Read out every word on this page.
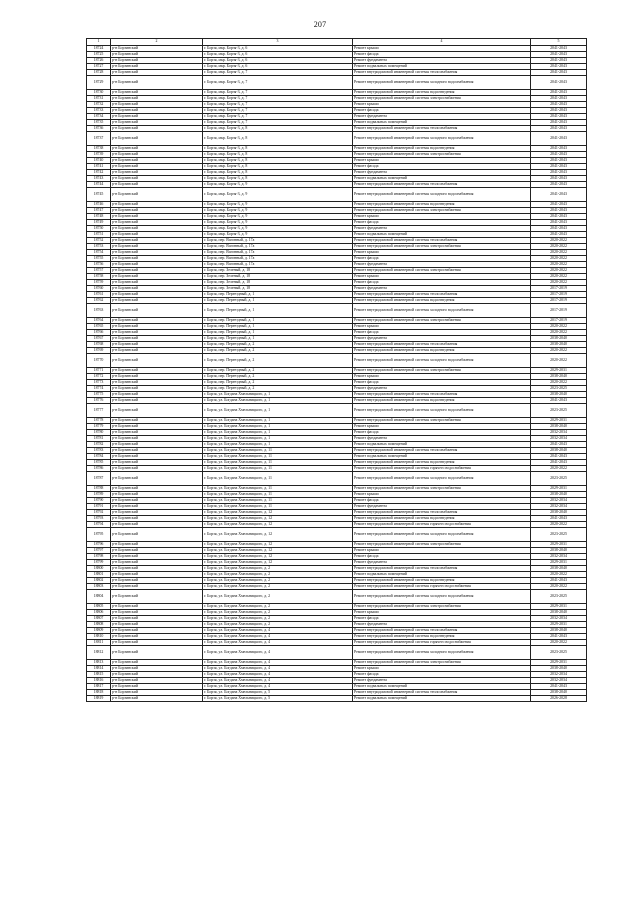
207
1	2	3	4	5
18724	р-н Борзинский	г. Борзя, мкр. Борзя-3, д. 6	Ремонт крыши	2041-2043
18725	р-н Борзинский	г. Борзя, мкр. Борзя-3, д. 6	Ремонт фасада	2041-2043
18726	р-н Борзинский	г. Борзя, мкр. Борзя-3, д. 6	Ремонт фундамента	2041-2043
18727	р-н Борзинский	г. Борзя, мкр. Борзя-3, д. 6	Ремонт подвальных помещений	2041-2043
18728	р-н Борзинский	г. Борзя, мкр. Борзя-3, д. 7	Ремонт внутридомовой инженерной системы теплоснабжения	2041-2043
18729	р-н Борзинский	г. Борзя, мкр. Борзя-3, д. 7	Ремонт внутридомовой инженерной системы холодного водоснабжения	2041-2043
18730	р-н Борзинский	г. Борзя, мкр. Борзя-3, д. 7	Ремонт внутридомовой инженерной системы водоотведения	2041-2043
18731	р-н Борзинский	г. Борзя, мкр. Борзя-3, д. 7	Ремонт внутридомовой инженерной системы электроснабжения	2041-2043
18732	р-н Борзинский	г. Борзя, мкр. Борзя-3, д. 7	Ремонт крыши	2041-2043
18733	р-н Борзинский	г. Борзя, мкр. Борзя-3, д. 7	Ремонт фасада	2041-2043
18734	р-н Борзинский	г. Борзя, мкр. Борзя-3, д. 7	Ремонт фундамента	2041-2043
18735	р-н Борзинский	г. Борзя, мкр. Борзя-3, д. 7	Ремонт подвальных помещений	2041-2043
18736	р-н Борзинский	г. Борзя, мкр. Борзя-3, д. 8	Ремонт внутридомовой инженерной системы теплоснабжения	2041-2043
18737	р-н Борзинский	г. Борзя, мкр. Борзя-3, д. 8	Ремонт внутридомовой инженерной системы холодного водоснабжения	2041-2043
18738	р-н Борзинский	г. Борзя, мкр. Борзя-3, д. 8	Ремонт внутридомовой инженерной системы водоотведения	2041-2043
18739	р-н Борзинский	г. Борзя, мкр. Борзя-3, д. 8	Ремонт внутридомовой инженерной системы электроснабжения	2041-2043
18740	р-н Борзинский	г. Борзя, мкр. Борзя-3, д. 8	Ремонт крыши	2041-2043
18741	р-н Борзинский	г. Борзя, мкр. Борзя-3, д. 8	Ремонт фасада	2041-2043
18742	р-н Борзинский	г. Борзя, мкр. Борзя-3, д. 8	Ремонт фундамента	2041-2043
18743	р-н Борзинский	г. Борзя, мкр. Борзя-3, д. 8	Ремонт подвальных помещений	2041-2043
18744	р-н Борзинский	г. Борзя, мкр. Борзя-3, д. 9	Ремонт внутридомовой инженерной системы теплоснабжения	2041-2043
18745	р-н Борзинский	г. Борзя, мкр. Борзя-3, д. 9	Ремонт внутридомовой инженерной системы холодного водоснабжения	2041-2043
18746	р-н Борзинский	г. Борзя, мкр. Борзя-3, д. 9	Ремонт внутридомовой инженерной системы водоотведения	2041-2043
18747	р-н Борзинский	г. Борзя, мкр. Борзя-3, д. 9	Ремонт внутридомовой инженерной системы электроснабжения	2041-2043
18748	р-н Борзинский	г. Борзя, мкр. Борзя-3, д. 9	Ремонт крыши	2041-2043
18749	р-н Борзинский	г. Борзя, мкр. Борзя-3, д. 9	Ремонт фасада	2041-2043
18750	р-н Борзинский	г. Борзя, мкр. Борзя-3, д. 9	Ремонт фундамента	2041-2043
18751	р-н Борзинский	г. Борзя, мкр. Борзя-3, д. 9	Ремонт подвальных помещений	2041-2043
18752	р-н Борзинский	г. Борзя, пер. Вагонный, д. 17а	Ремонт внутридомовой инженерной системы теплоснабжения	2020-2022
18753	р-н Борзинский	г. Борзя, пер. Вагонный, д. 17а	Ремонт внутридомовой инженерной системы электроснабжения	2020-2022
18754	р-н Борзинский	г. Борзя, пер. Вагонный, д. 17а	Ремонт крыши	2020-2022
18755	р-н Борзинский	г. Борзя, пер. Вагонный, д. 17а	Ремонт фасада	2020-2022
18756	р-н Борзинский	г. Борзя, пер. Вагонный, д. 17а	Ремонт фундамента	2020-2022
18757	р-н Борзинский	г. Борзя, пер. Зеленый, д. 18	Ремонт внутридомовой инженерной системы электроснабжения	2020-2022
18758	р-н Борзинский	г. Борзя, пер. Зеленый, д. 18	Ремонт крыши	2020-2022
18759	р-н Борзинский	г. Борзя, пер. Зеленый, д. 18	Ремонт фасада	2020-2022
18760	р-н Борзинский	г. Борзя, пер. Зеленый, д. 18	Ремонт фундамента	2017-2019
18761	р-н Борзинский	г. Борзя, пер. Переездный, д. 1	Ремонт внутридомовой инженерной системы теплоснабжения	2017-2019
18762	р-н Борзинский	г. Борзя, пер. Переездный, д. 1	Ремонт внутридомовой инженерной системы водоотведения	2017-2019
18763	р-н Борзинский	г. Борзя, пер. Переездный, д. 1	Ремонт внутридомовой инженерной системы холодного водоснабжения	2017-2019
18764	р-н Борзинский	г. Борзя, пер. Переездный, д. 1	Ремонт внутридомовой инженерной системы электроснабжения	2017-2019
18765	р-н Борзинский	г. Борзя, пер. Переездный, д. 1	Ремонт крыши	2020-2022
18766	р-н Борзинский	г. Борзя, пер. Переездный, д. 1	Ремонт фасада	2020-2022
18767	р-н Борзинский	г. Борзя, пер. Переездный, д. 1	Ремонт фундамента	2038-2040
18768	р-н Борзинский	г. Борзя, пер. Переездный, д. 2	Ремонт внутридомовой инженерной системы теплоснабжения	2038-2040
18769	р-н Борзинский	г. Борзя, пер. Переездный, д. 2	Ремонт внутридомовой инженерной системы водоотведения	2020-2022
18770	р-н Борзинский	г. Борзя, пер. Переездный, д. 2	Ремонт внутридомовой инженерной системы холодного водоснабжения	2020-2022
18771	р-н Борзинский	г. Борзя, пер. Переездный, д. 2	Ремонт внутридомовой инженерной системы электроснабжения	2029-2031
18772	р-н Борзинский	г. Борзя, пер. Переездный, д. 2	Ремонт крыши	2038-2040
18773	р-н Борзинский	г. Борзя, пер. Переездный, д. 2	Ремонт фасада	2020-2022
18774	р-н Борзинский	г. Борзя, пер. Переездный, д. 2	Ремонт фундамента	2023-2025
18775	р-н Борзинский	г. Борзя, ул. Богдана Хмельницкого, д. 1	Ремонт внутридомовой инженерной системы теплоснабжения	2038-2040
18776	р-н Борзинский	г. Борзя, ул. Богдана Хмельницкого, д. 1	Ремонт внутридомовой инженерной системы водоотведения	2041-2043
18777	р-н Борзинский	г. Борзя, ул. Богдана Хмельницкого, д. 1	Ремонт внутридомовой инженерной системы холодного водоснабжения	2023-2025
18778	р-н Борзинский	г. Борзя, ул. Богдана Хмельницкого, д. 1	Ремонт внутридомовой инженерной системы электроснабжения	2029-2031
18779	р-н Борзинский	г. Борзя, ул. Богдана Хмельницкого, д. 1	Ремонт крыши	2038-2040
18780	р-н Борзинский	г. Борзя, ул. Богдана Хмельницкого, д. 1	Ремонт фасада	2032-2034
18781	р-н Борзинский	г. Борзя, ул. Богдана Хмельницкого, д. 1	Ремонт фундамента	2032-2034
18782	р-н Борзинский	г. Борзя, ул. Богдана Хмельницкого, д. 1	Ремонт подвальных помещений	2041-2043
18783	р-н Борзинский	г. Борзя, ул. Богдана Хмельницкого, д. 11	Ремонт внутридомовой инженерной системы теплоснабжения	2038-2040
18784	р-н Борзинский	г. Борзя, ул. Богдана Хмельницкого, д. 11	Ремонт подвальных помещений	2041-2043
18785	р-н Борзинский	г. Борзя, ул. Богдана Хмельницкого, д. 11	Ремонт внутридомовой инженерной системы водоотведения	2041-2043
18786	р-н Борзинский	г. Борзя, ул. Богдана Хмельницкого, д. 11	Ремонт внутридомовой инженерной системы горячего водоснабжения	2020-2022
18787	р-н Борзинский	г. Борзя, ул. Богдана Хмельницкого, д. 11	Ремонт внутридомовой инженерной системы холодного водоснабжения	2023-2025
18788	р-н Борзинский	г. Борзя, ул. Богдана Хмельницкого, д. 11	Ремонт внутридомовой инженерной системы электроснабжения	2029-2031
18789	р-н Борзинский	г. Борзя, ул. Богдана Хмельницкого, д. 11	Ремонт крыши	2038-2040
18790	р-н Борзинский	г. Борзя, ул. Богдана Хмельницкого, д. 11	Ремонт фасада	2032-2034
18791	р-н Борзинский	г. Борзя, ул. Богдана Хмельницкого, д. 11	Ремонт фундамента	2032-2034
18792	р-н Борзинский	г. Борзя, ул. Богдана Хмельницкого, д. 12	Ремонт внутридомовой инженерной системы теплоснабжения	2038-2040
18793	р-н Борзинский	г. Борзя, ул. Богдана Хмельницкого, д. 12	Ремонт внутридомовой инженерной системы водоотведения	2041-2043
18794	р-н Борзинский	г. Борзя, ул. Богдана Хмельницкого, д. 12	Ремонт внутридомовой инженерной системы горячего водоснабжения	2020-2022
18795	р-н Борзинский	г. Борзя, ул. Богдана Хмельницкого, д. 12	Ремонт внутридомовой инженерной системы холодного водоснабжения	2023-2025
18796	р-н Борзинский	г. Борзя, ул. Богдана Хмельницкого, д. 12	Ремонт внутридомовой инженерной системы электроснабжения	2029-2031
18797	р-н Борзинский	г. Борзя, ул. Богдана Хмельницкого, д. 12	Ремонт крыши	2038-2040
18798	р-н Борзинский	г. Борзя, ул. Богдана Хмельницкого, д. 12	Ремонт фасада	2032-2034
18799	р-н Борзинский	г. Борзя, ул. Богдана Хмельницкого, д. 12	Ремонт фундамента	2029-2031
18800	р-н Борзинский	г. Борзя, ул. Богдана Хмельницкого, д. 2	Ремонт внутридомовой инженерной системы теплоснабжения	2038-2040
18801	р-н Борзинский	г. Борзя, ул. Богдана Хмельницкого, д. 2	Ремонт подвальных помещений	2020-2022
18802	р-н Борзинский	г. Борзя, ул. Богдана Хмельницкого, д. 2	Ремонт внутридомовой инженерной системы водоотведения	2041-2043
18803	р-н Борзинский	г. Борзя, ул. Богдана Хмельницкого, д. 2	Ремонт внутридомовой инженерной системы горячего водоснабжения	2020-2022
18804	р-н Борзинский	г. Борзя, ул. Богдана Хмельницкого, д. 2	Ремонт внутридомовой инженерной системы холодного водоснабжения	2023-2025
18805	р-н Борзинский	г. Борзя, ул. Богдана Хмельницкого, д. 2	Ремонт внутридомовой инженерной системы электроснабжения	2029-2031
18806	р-н Борзинский	г. Борзя, ул. Богдана Хмельницкого, д. 2	Ремонт крыши	2038-2040
18807	р-н Борзинский	г. Борзя, ул. Богдана Хмельницкого, д. 2	Ремонт фасада	2032-2034
18808	р-н Борзинский	г. Борзя, ул. Богдана Хмельницкого, д. 2	Ремонт фундамента	2029-2031
18809	р-н Борзинский	г. Борзя, ул. Богдана Хмельницкого, д. 4	Ремонт внутридомовой инженерной системы теплоснабжения	2038-2040
18810	р-н Борзинский	г. Борзя, ул. Богдана Хмельницкого, д. 4	Ремонт внутридомовой инженерной системы водоотведения	2041-2043
18811	р-н Борзинский	г. Борзя, ул. Богдана Хмельницкого, д. 4	Ремонт внутридомовой инженерной системы горячего водоснабжения	2020-2022
18812	р-н Борзинский	г. Борзя, ул. Богдана Хмельницкого, д. 4	Ремонт внутридомовой инженерной системы холодного водоснабжения	2023-2025
18813	р-н Борзинский	г. Борзя, ул. Богдана Хмельницкого, д. 4	Ремонт внутридомовой инженерной системы электроснабжения	2029-2031
18814	р-н Борзинский	г. Борзя, ул. Богдана Хмельницкого, д. 4	Ремонт крыши	2038-2040
18815	р-н Борзинский	г. Борзя, ул. Богдана Хмельницкого, д. 4	Ремонт фасада	2032-2034
18816	р-н Борзинский	г. Борзя, ул. Богдана Хмельницкого, д. 4	Ремонт фундамента	2032-2034
18817	р-н Борзинский	г. Борзя, ул. Богдана Хмельницкого, д. 4	Ремонт подвальных помещений	2041-2043
18818	р-н Борзинский	г. Борзя, ул. Богдана Хмельницкого, д. 5	Ремонт внутридомовой инженерной системы теплоснабжения	2038-2040
18819	р-н Борзинский	г. Борзя, ул. Богдана Хмельницкого, д. 5	Ремонт подвальных помещений	2026-2028
